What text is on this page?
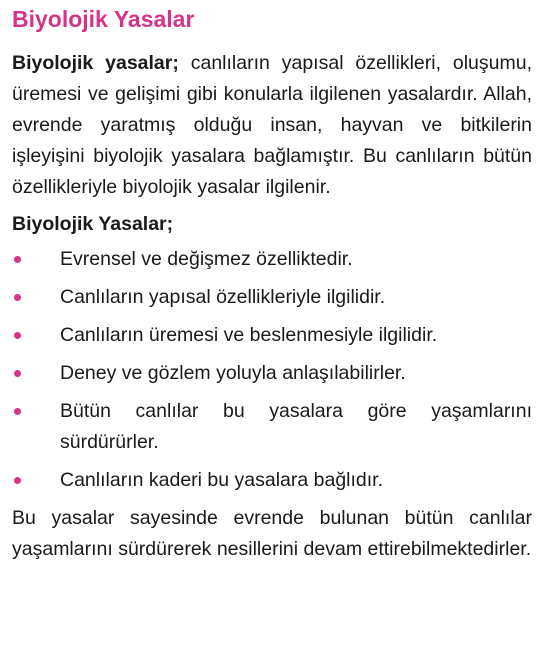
Biyolojik Yasalar

Biyolojik yasalar; canlıların yapısal özellikleri, oluşumu, üremesi ve gelişimi gibi konularla ilgilenen yasalardır. Allah, evrende yaratmış olduğu insan, hayvan ve bitkilerin işleyişini biyolojik yasalara bağlamıştır. Bu canlıların bütün özellikleriyle biyolojik yasalar ilgilenir.

Biyolojik Yasalar;
Evrensel ve değişmez özelliktedir.
Canlıların yapısal özellikleriyle ilgilidir.
Canlıların üremesi ve beslenmesiyle ilgilidir.
Deney ve gözlem yoluyla anlaşılabilirler.
Bütün canlılar bu yasalara göre yaşamlarını sürdürürler.
Canlıların kaderi bu yasalara bağlıdır.

Bu yasalar sayesinde evrende bulunan bütün canlılar yaşamlarını sürdürerek nesillerini devam ettirebilmektedirler.
